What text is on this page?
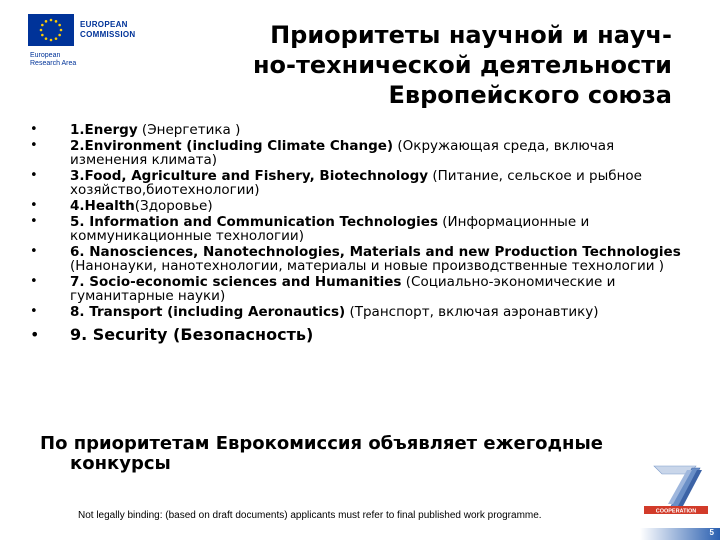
EUROPEAN
COMMISSION
European
Research Area
Приоритеты научной и науч-
но-технической деятельности
Европейского союза
• 1.Energy (Энергетика )
• 2.Environment (including Climate Change) (Окружающая среда, включая изменения климата)
• 3.Food, Agriculture and Fishery, Biotechnology (Питание, сельское и рыбное хозяйство,биотехнологии)
• 4.Health(Здоровье)
• 5. Information and Communication Technologies (Информационные и коммуникационные технологии)
• 6. Nanosciences, Nanotechnologies, Materials and new Production Technologies (Нанонауки, нанотехнологии, материалы и новые производственные технологии )
• 7. Socio-economic sciences and Humanities (Социально-экономические и гуманитарные науки)
• 8. Transport (including Aeronautics) (Транспорт, включая аэронавтику)
• 9. Security (Безопасность)
По приоритетам Еврокомиссия объявляет ежегодные
конкурсы
Not legally binding: (based on draft documents) applicants must refer to final published work programme.	COOPERATION
5
